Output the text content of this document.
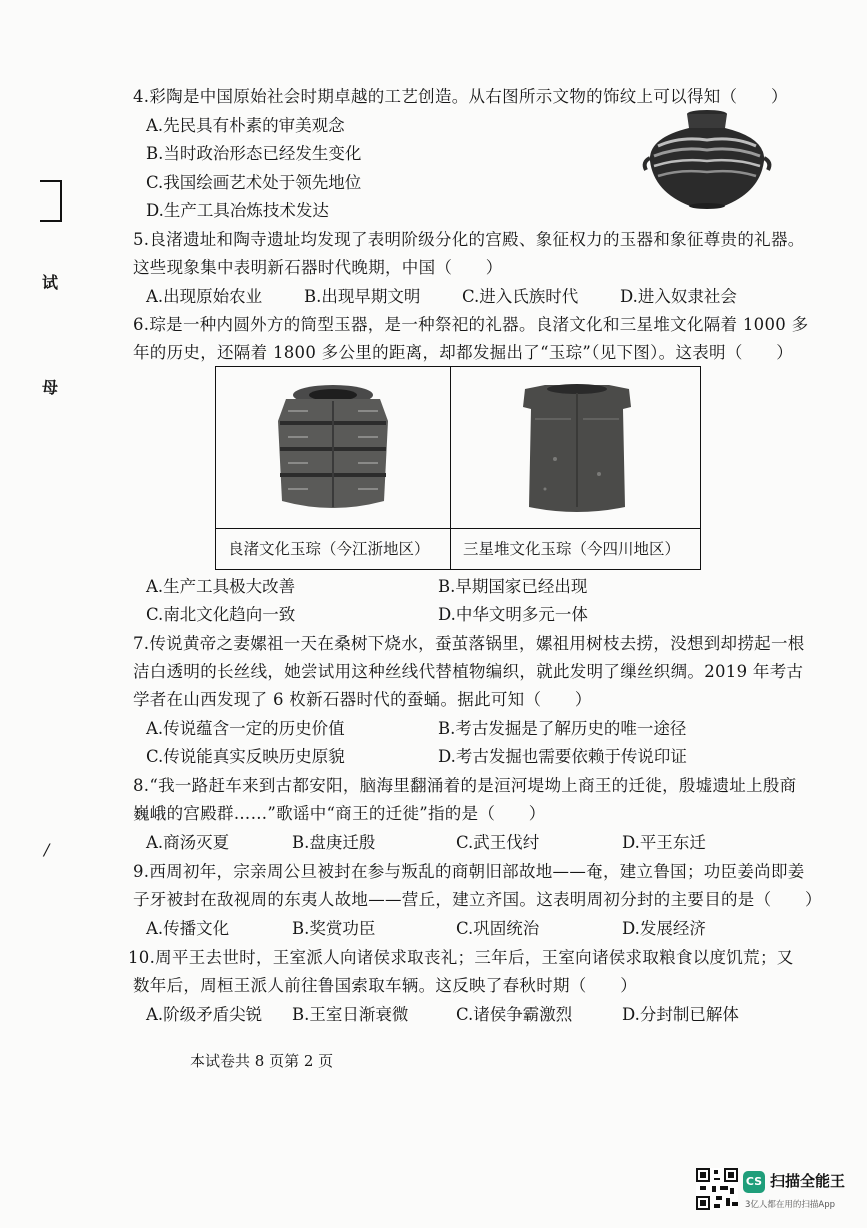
试
母
/
4.彩陶是中国原始社会时期卓越的工艺创造。从右图所示文物的饰纹上可以得知（　　）
A.先民具有朴素的审美观念
B.当时政治形态已经发生变化
C.我国绘画艺术处于领先地位
D.生产工具冶炼技术发达
5.良渚遗址和陶寺遗址均发现了表明阶级分化的宫殿、象征权力的玉器和象征尊贵的礼器。
这些现象集中表明新石器时代晚期，中国（　　）
A.出现原始农业	B.出现早期文明	C.进入氏族时代	D.进入奴隶社会
6.琮是一种内圆外方的筒型玉器，是一种祭祀的礼器。良渚文化和三星堆文化隔着 1000 多
年的历史，还隔着 1800 多公里的距离，却都发掘出了“玉琮”（见下图）。这表明（　　）
良渚文化玉琮（今江浙地区）	三星堆文化玉琮（今四川地区）
A.生产工具极大改善	B.早期国家已经出现
C.南北文化趋向一致	D.中华文明多元一体
7.传说黄帝之妻嫘祖一天在桑树下烧水，蚕茧落锅里，嫘祖用树枝去捞，没想到却捞起一根
洁白透明的长丝线，她尝试用这种丝线代替植物编织，就此发明了缫丝织绸。2019 年考古
学者在山西发现了 6 枚新石器时代的蚕蛹。据此可知（　　）
A.传说蕴含一定的历史价值	B.考古发掘是了解历史的唯一途径
C.传说能真实反映历史原貌	D.考古发掘也需要依赖于传说印证
8.“我一路赶车来到古都安阳，脑海里翻涌着的是洹河堤坳上商王的迁徙，殷墟遗址上殷商
巍峨的宫殿群……”歌谣中“商王的迁徙”指的是（　　）
A.商汤灭夏	B.盘庚迁殷	C.武王伐纣	D.平王东迁
9.西周初年，宗亲周公旦被封在参与叛乱的商朝旧部故地——奄，建立鲁国；功臣姜尚即姜
子牙被封在敌视周的东夷人故地——营丘，建立齐国。这表明周初分封的主要目的是（　　）
A.传播文化	B.奖赏功臣	C.巩固统治	D.发展经济
10.周平王去世时，王室派人向诸侯求取丧礼；三年后，王室向诸侯求取粮食以度饥荒；又
数年后，周桓王派人前往鲁国索取车辆。这反映了春秋时期（　　）
A.阶级矛盾尖锐 B.王室日渐衰微	C.诸侯争霸激烈	D.分封制已解体
本试卷共 8 页第 2 页
CS 扫描全能王
3亿人都在用的扫描App
